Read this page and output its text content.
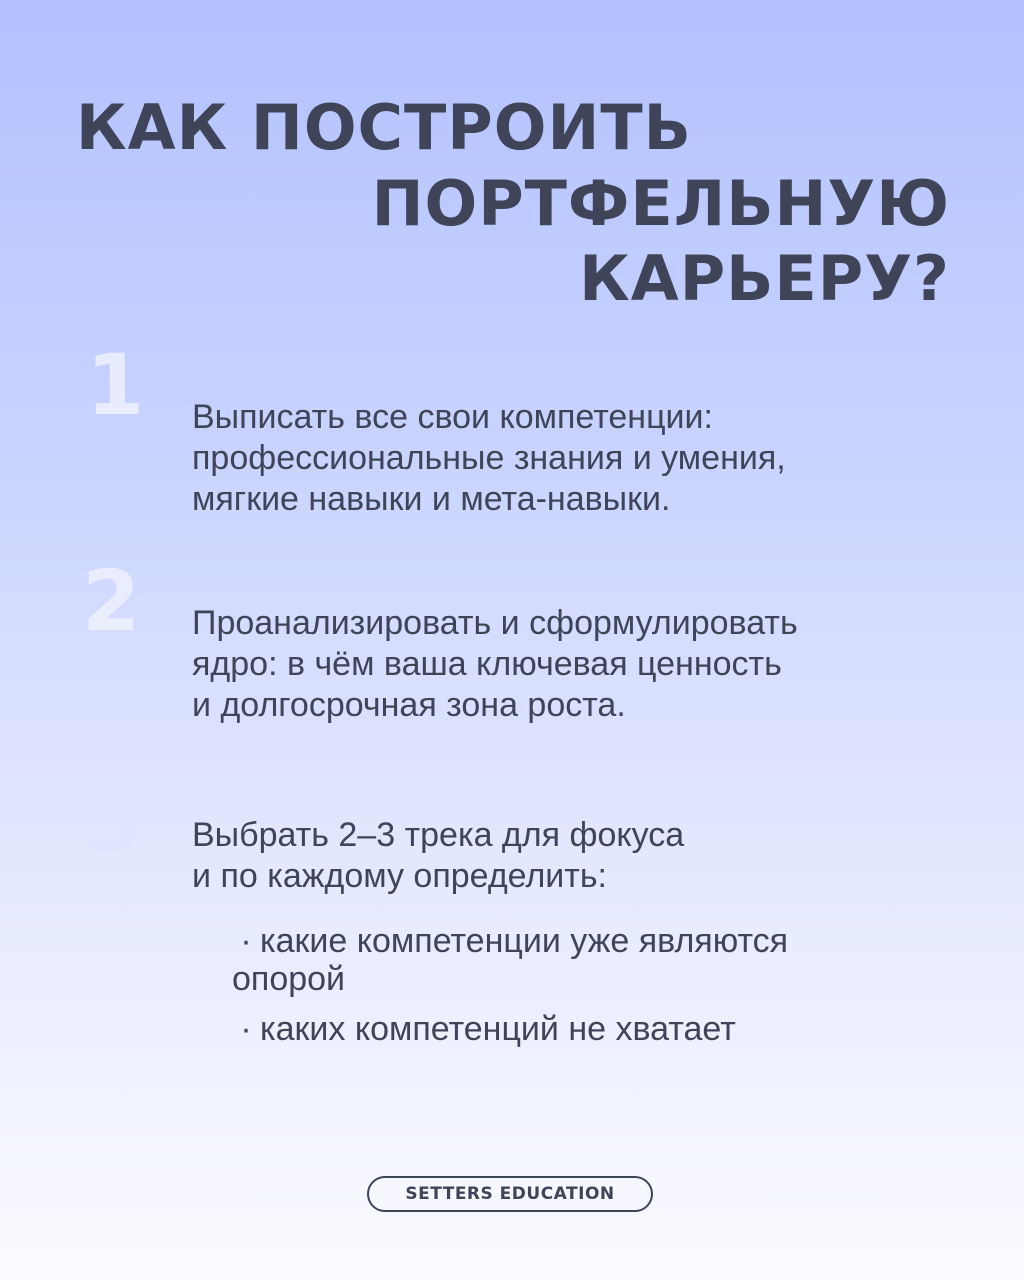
КАК ПОСТРОИТЬ
ПОРТФЕЛЬНУЮ
КАРЬЕРУ?
1 Выписать все свои компетенции:
профессиональные знания и умения,
мягкие навыки и мета-навыки.

2 Проанализировать и сформулировать
ядро: в чём ваша ключевая ценность
и долгосрочная зона роста.

3 Выбрать 2–3 трека для фокуса
и по каждому определить:

· какие компетенции уже являются
опорой

· каких компетенций не хватает

SETTERS EDUCATION
